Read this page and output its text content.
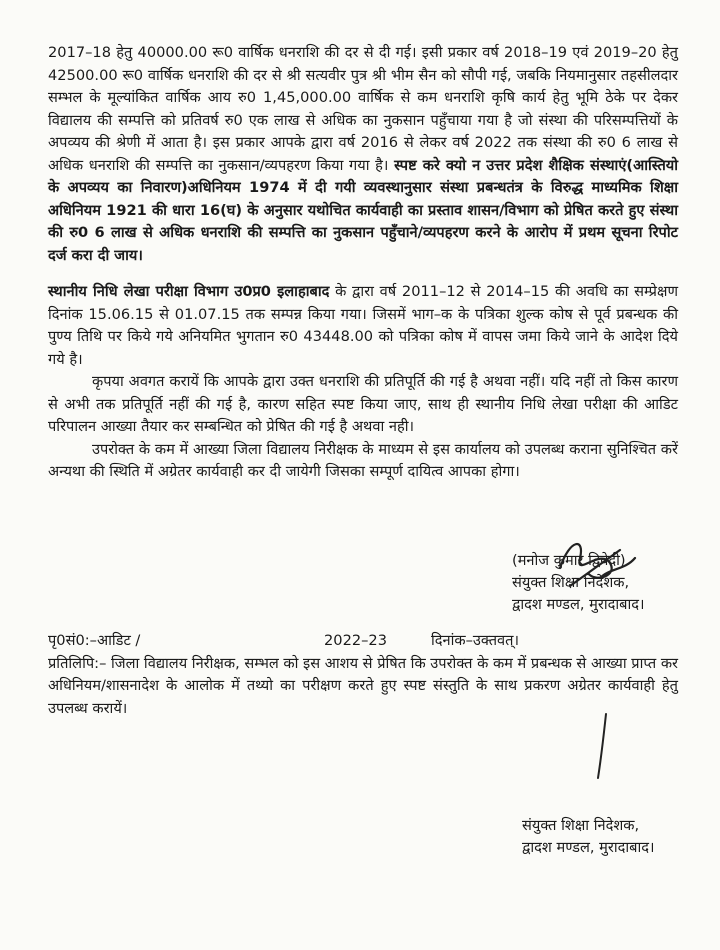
2017–18 हेतु 40000.00 रू0 वार्षिक धनराशि की दर से दी गई। इसी प्रकार वर्ष 2018–19 एवं 2019–20 हेतु 42500.00 रू0 वार्षिक धनराशि की दर से श्री सत्यवीर पुत्र श्री भीम सैन को सौपी गई, जबकि नियमानुसार तहसीलदार सम्भल के मूल्यांकित वार्षिक आय रु0 1,45,000.00 वार्षिक से कम धनराशि कृषि कार्य हेतु भूमि ठेके पर देकर विद्यालय की सम्पत्ति को प्रतिवर्ष रु0 एक लाख से अधिक का नुकसान पहुँचाया गया है जो संस्था की परिसम्पत्तियों के अपव्यय की श्रेणी में आता है। इस प्रकार आपके द्वारा वर्ष 2016 से लेकर वर्ष 2022 तक संस्था की रु0 6 लाख से अधिक धनराशि की सम्पत्ति का नुकसान/व्यपहरण किया गया है। स्पष्ट करे क्यो न उत्तर प्रदेश शैक्षिक संस्थाएं(आस्तियो के अपव्यय का निवारण)अधिनियम 1974 में दी गयी व्यवस्थानुसार संस्था प्रबन्धतंत्र के विरुद्ध माध्यमिक शिक्षा अधिनियम 1921 की धारा 16(घ) के अनुसार यथोचित कार्यवाही का प्रस्ताव शासन/विभाग को प्रेषित करते हुए संस्था की रु0 6 लाख से अधिक धनराशि की सम्पत्ति का नुकसान पहुँचाने/व्यपहरण करने के आरोप में प्रथम सूचना रिपोट दर्ज करा दी जाय।

स्थानीय निधि लेखा परीक्षा विभाग उ0प्र0 इलाहाबाद के द्वारा वर्ष 2011–12 से 2014–15 की अवधि का सम्प्रेक्षण दिनांक 15.06.15 से 01.07.15 तक सम्पन्न किया गया। जिसमें भाग–क के पत्रिका शुल्क कोष से पूर्व प्रबन्धक की पुण्य तिथि पर किये गये अनियमित भुगतान रु0 43448.00 को पत्रिका कोष में वापस जमा किये जाने के आदेश दिये गये है।

कृपया अवगत करायें कि आपके द्वारा उक्त धनराशि की प्रतिपूर्ति की गई है अथवा नहीं। यदि नहीं तो किस कारण से अभी तक प्रतिपूर्ति नहीं की गई है, कारण सहित स्पष्ट किया जाए, साथ ही स्थानीय निधि लेखा परीक्षा की आडिट परिपालन आख्या तैयार कर सम्बन्धित को प्रेषित की गई है अथवा नही।

उपरोक्त के कम में आख्या जिला विद्यालय निरीक्षक के माध्यम से इस कार्यालय को उपलब्ध कराना सुनिश्चित करें अन्यथा की स्थिति में अग्रेतर कार्यवाही कर दी जायेगी जिसका सम्पूर्ण दायित्व आपका होगा।

(मनोज कुमार द्विवेदी)
संयुक्त शिक्षा निदेशक,
द्वादश मण्डल, मुरादाबाद।
पृ0सं0:–आडिट /	2022–23	दिनांक–उक्तवत्।

प्रतिलिपि:– जिला विद्यालय निरीक्षक, सम्भल को इस आशय से प्रेषित कि उपरोक्त के कम में प्रबन्धक से आख्या प्राप्त कर अधिनियम/शासनादेश के आलोक में तथ्यो का परीक्षण करते हुए स्पष्ट संस्तुति के साथ प्रकरण अग्रेतर कार्यवाही हेतु उपलब्ध करायें।

संयुक्त शिक्षा निदेशक,
द्वादश मण्डल, मुरादाबाद।
